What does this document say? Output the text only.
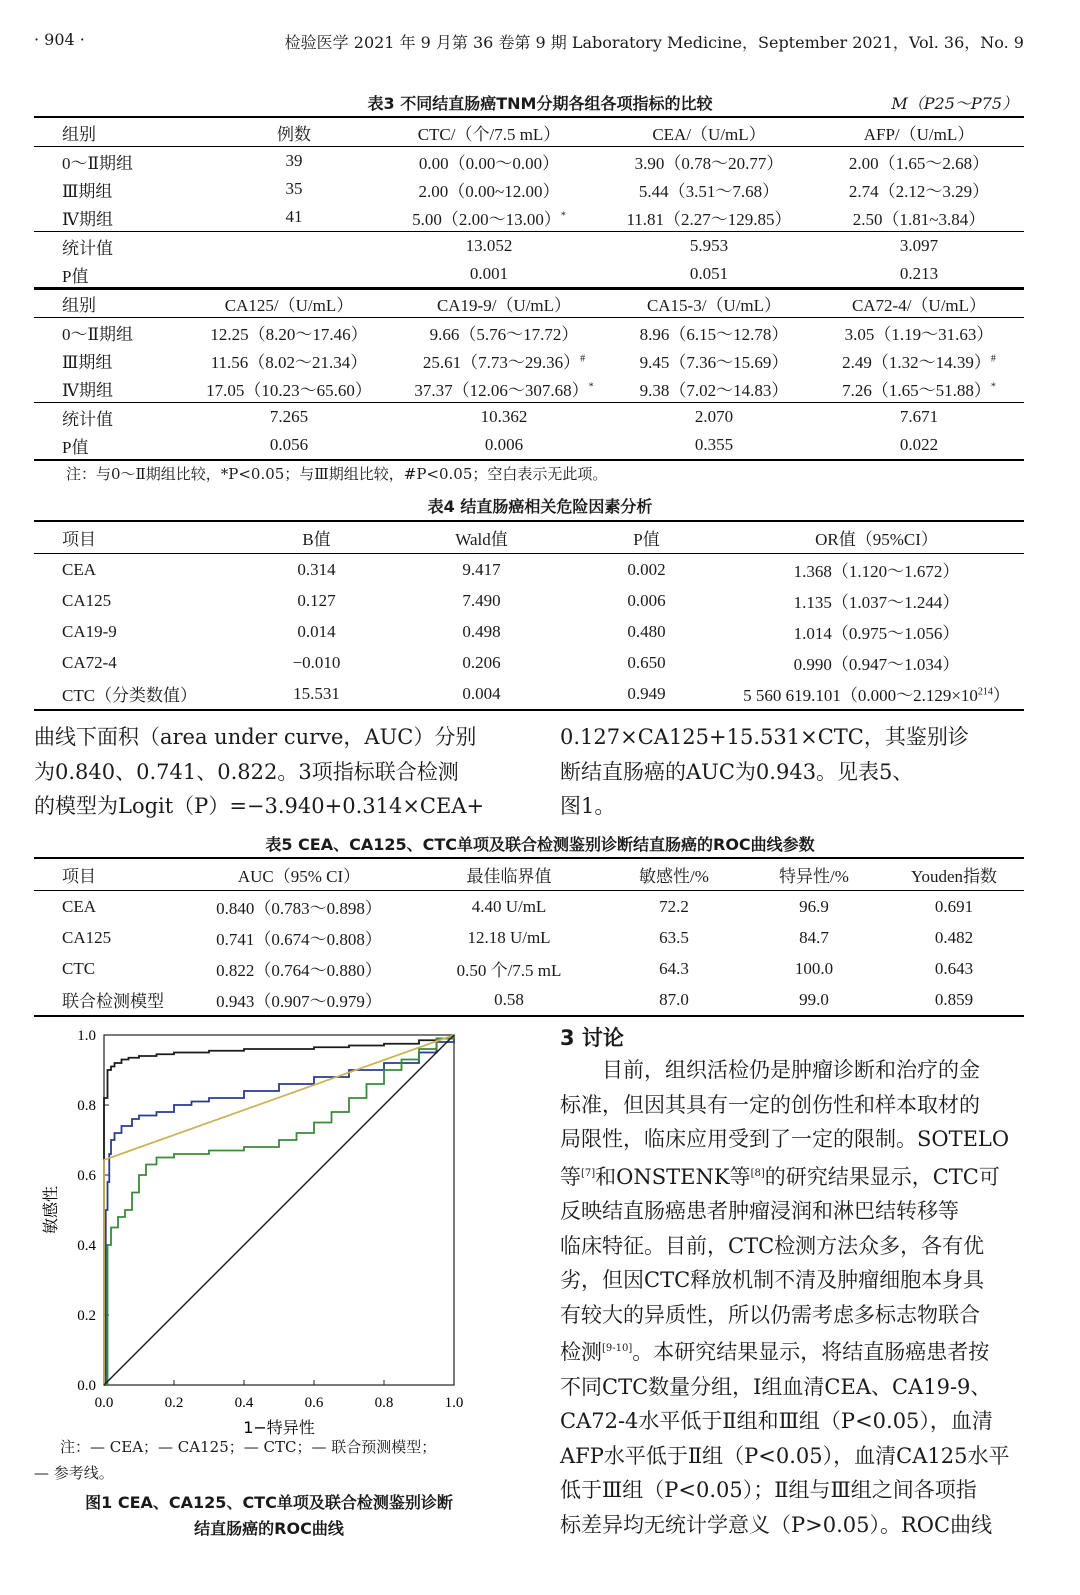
· 904 ·	检验医学 2021 年 9 月第 36 卷第 9 期 Laboratory Medicine，September 2021，Vol. 36，No. 9
表3 不同结直肠癌TNM分期各组各项指标的比较	M（P25～P75）
组别	例数	CTC/（个/7.5 mL）	CEA/（U/mL）	AFP/（U/mL）
0～Ⅱ期组	39	0.00（0.00～0.00）	3.90（0.78～20.77）	2.00（1.65～2.68）
Ⅲ期组	35	2.00（0.00~12.00）	5.44（3.51～7.68）	2.74（2.12～3.29）
Ⅳ期组	41	5.00（2.00～13.00）*	11.81（2.27～129.85）	2.50（1.81~3.84）
统计值		13.052	5.953	3.097
P值		0.001	0.051	0.213
组别	CA125/（U/mL）	CA19-9/（U/mL）	CA15-3/（U/mL）	CA72-4/（U/mL）
0～Ⅱ期组	12.25（8.20～17.46）	9.66（5.76～17.72）	8.96（6.15～12.78）	3.05（1.19～31.63）
Ⅲ期组	11.56（8.02～21.34）	25.61（7.73～29.36）#	9.45（7.36～15.69）	2.49（1.32～14.39）#
Ⅳ期组	17.05（10.23～65.60）	37.37（12.06～307.68）*	9.38（7.02～14.83）	7.26（1.65～51.88）*
统计值	7.265	10.362	2.070	7.671
P值	0.056	0.006	0.355	0.022
注：与0～Ⅱ期组比较，*P<0.05；与Ⅲ期组比较，#P<0.05；空白表示无此项。
表4 结直肠癌相关危险因素分析
项目	B值	Wald值	P值	OR值（95%CI）
CEA	0.314	9.417	0.002	1.368（1.120～1.672）
CA125	0.127	7.490	0.006	1.135（1.037～1.244）
CA19-9	0.014	0.498	0.480	1.014（0.975～1.056）
CA72-4	−0.010	0.206	0.650	0.990（0.947～1.034）
CTC（分类数值）	15.531	0.004	0.949	5 560 $619.101(0.000\sim 2.129\times 10^{214})$
曲线下面积（area under curve，AUC）分别
为0.840、0.741、0.822。3项指标联合检测
的模型为Logit（P）=−3.940+0.314×CEA+
0.127×CA125+15.531×CTC，其鉴别诊
断结直肠癌的AUC为0.943。见表5、
图1。
表5 CEA、CA125、CTC单项及联合检测鉴别诊断结直肠癌的ROC曲线参数
项目	AUC（95% CI）	最佳临界值	敏感性/%	特异性/%	Youden指数
CEA	0.840（0.783～0.898）	4.40 U/mL	72.2	96.9	0.691
CA125	0.741（0.674～0.808）	12.18 U/mL	63.5	84.7	0.482
CTC	0.822（0.764～0.880）	0.50 个/7.5 mL	64.3	100.0	0.643
联合检测模型	0.943（0.907～0.979）	0.58	87.0	99.0	0.859
0.0	0.2	0.4	0.6	0.8	1.0
0.0
0.2
0.4
0.6
0.8
1.0
1−特异性
敏感性
注：— CEA；— CA125；— CTC；— 联合预测模型；
— 参考线。
图1 CEA、CA125、CTC单项及联合检测鉴别诊断
结直肠癌的ROC曲线
3 讨论
　　目前，组织活检仍是肿瘤诊断和治疗的金
标准，但因其具有一定的创伤性和样本取材的
局限性，临床应用受到了一定的限制。SOTELO
等[7]和ONSTENK等[8]的研究结果显示，CTC可
反映结直肠癌患者肿瘤浸润和淋巴结转移等
临床特征。目前，CTC检测方法众多，各有优
劣，但因CTC释放机制不清及肿瘤细胞本身具
有较大的异质性，所以仍需考虑多标志物联合
检测[9-10]。本研究结果显示，将结直肠癌患者按
不同CTC数量分组，Ⅰ组血清CEA、CA19-9、
CA72-4水平低于Ⅱ组和Ⅲ组（P<0.05），血清
AFP水平低于Ⅱ组（P<0.05），血清CA125水平
低于Ⅲ组（P<0.05）；Ⅱ组与Ⅲ组之间各项指
标差异均无统计学意义（P>0.05）。ROC曲线
